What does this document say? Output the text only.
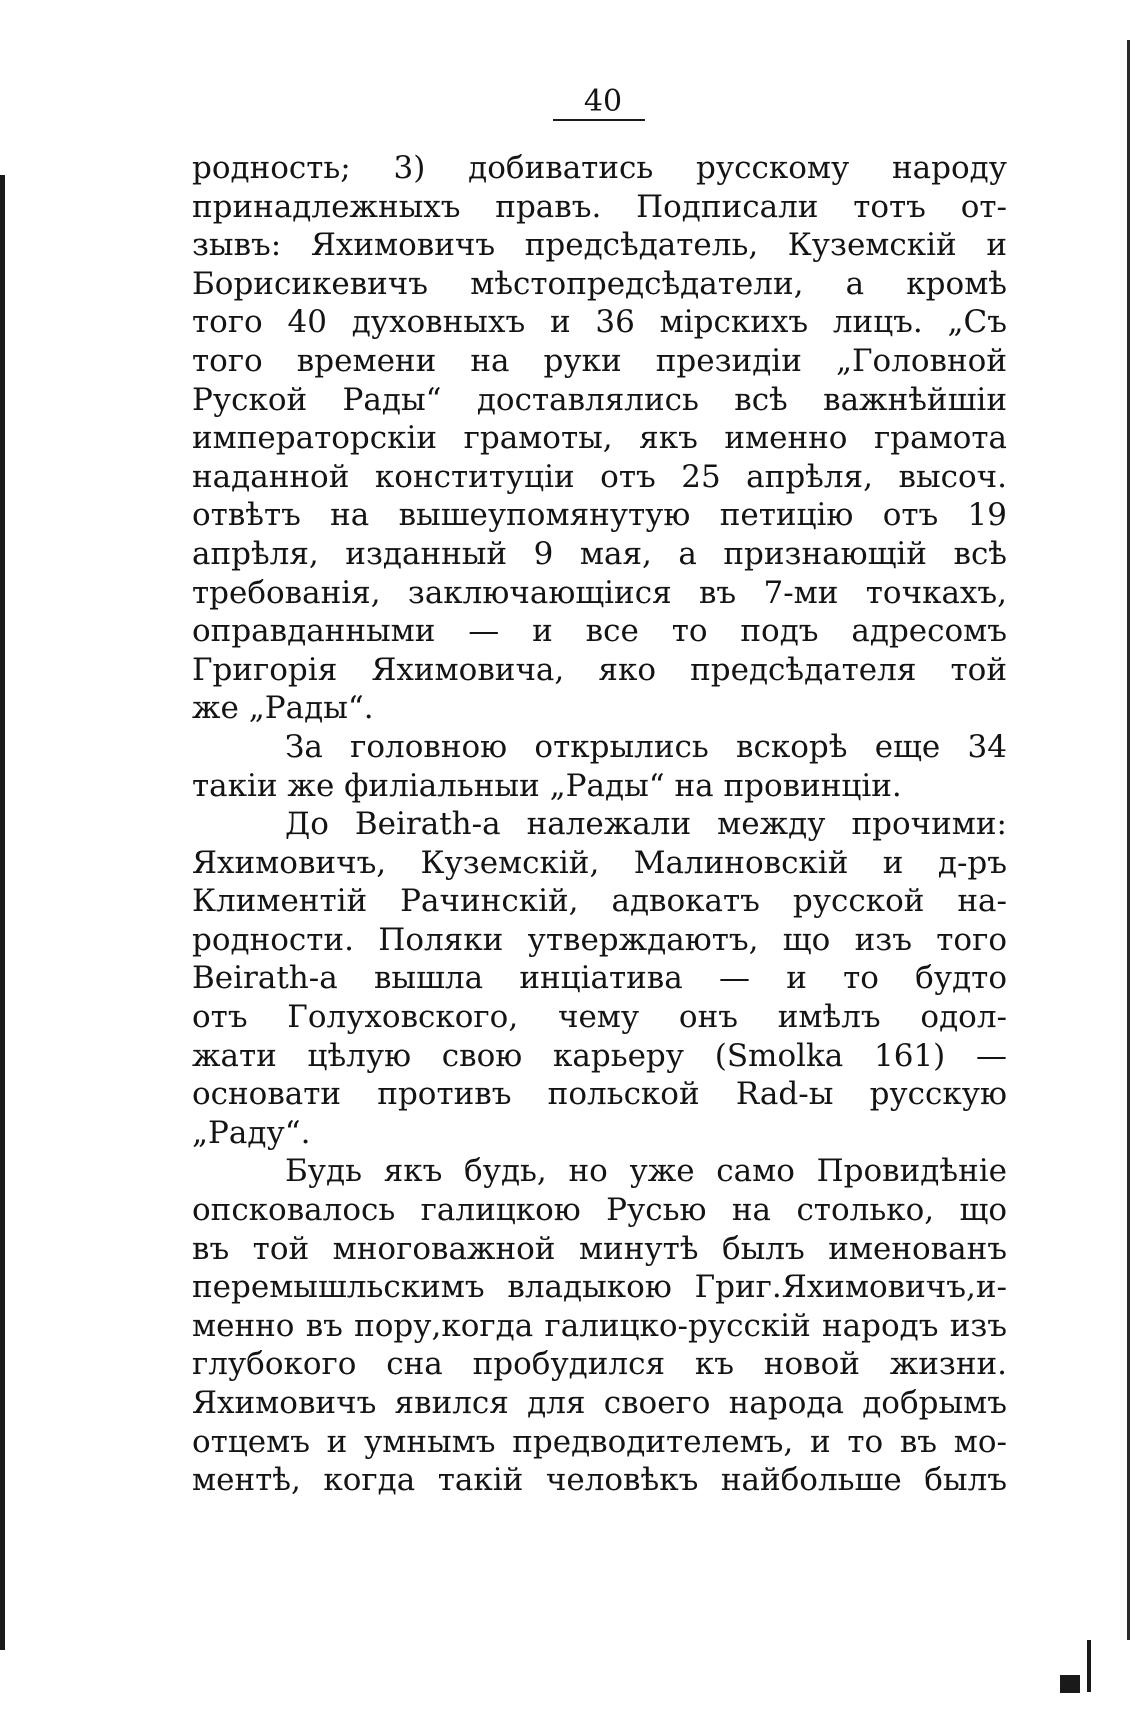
40
родность; 3) добиватись русскому народу
принадлежныхъ правъ. Подписали тотъ от-
зывъ: Яхимовичъ предсѣдатель, Куземскій и
Борисикевичъ мѣстопредсѣдатели, а кромѣ
того 40 духовныхъ и 36 мірскихъ лицъ. „Съ
того времени на руки президіи „Головной
Руской Рады“ доставлялись всѣ важнѣйшіи
императорскіи грамоты, якъ именно грамота
наданной конституціи отъ 25 апрѣля, высоч.
отвѣтъ на вышеупомянутую петицію отъ 19
апрѣля, изданный 9 мая, а признающій всѣ
требованія, заключающіися въ 7-ми точкахъ,
оправданными — и все то подъ адресомъ
Григорія Яхимовича, яко предсѣдателя той
же „Рады“.
За головною открылись вскорѣ еще 34
такіи же филіальныи „Рады“ на провинціи.
До Beirath-а належали между прочими:
Яхимовичъ, Куземскій, Малиновскій и д-ръ
Климентій Рачинскій, адвокатъ русской на-
родности. Поляки утверждаютъ, що изъ того
Beirath-а вышла инціатива — и то будто
отъ Голуховского, чему онъ имѣлъ одол-
жати цѣлую свою карьеру (Smolka 161) —
основати противъ польской Rad-ы русскую
„Раду“.
Будь якъ будь, но уже само Провидѣніе
опсковалось галицкою Русью на столько, що
въ той многоважной минутѣ былъ именованъ
перемышльскимъ владыкою Григ.Яхимовичъ,и-
менно въ пору,когда галицко-русскій народъ изъ
глубокого сна пробудился къ новой жизни.
Яхимовичъ явился для своего народа добрымъ
отцемъ и умнымъ предводителемъ, и то въ мо-
ментѣ, когда такій человѣкъ найбольше былъ
